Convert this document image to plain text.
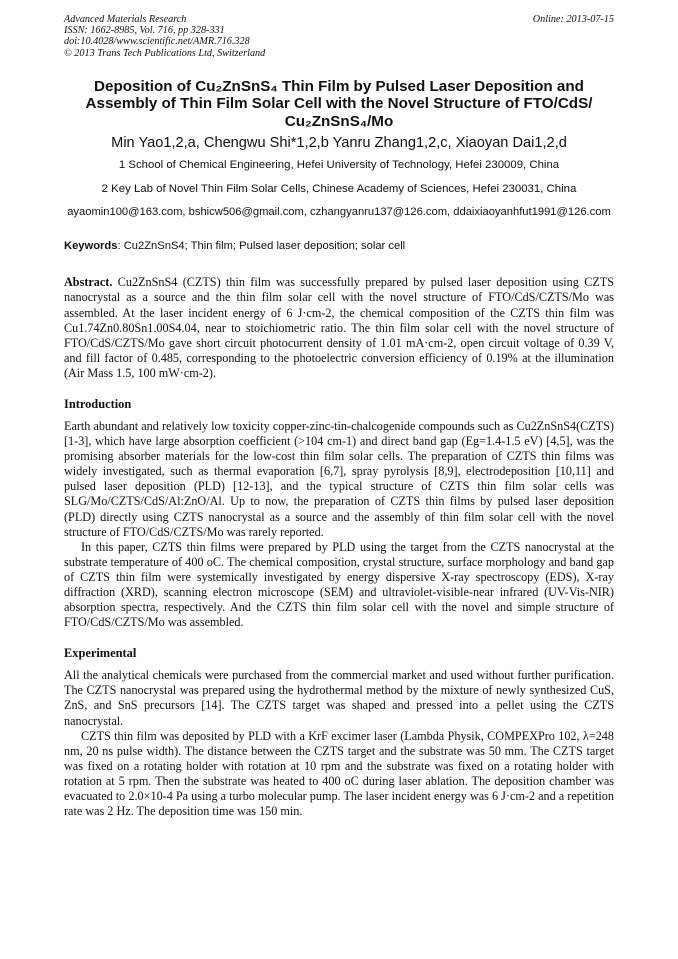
Advanced Materials Research	Online: 2013-07-15
ISSN: 1662-8985, Vol. 716, pp 328-331
doi:10.4028/www.scientific.net/AMR.716.328
© 2013 Trans Tech Publications Ltd, Switzerland
Deposition of Cu₂ZnSnS₄ Thin Film by Pulsed Laser Deposition and Assembly of Thin Film Solar Cell with the Novel Structure of FTO/CdS/ Cu₂ZnSnS₄/Mo
Min Yao1,2,a, Chengwu Shi*1,2,b Yanru Zhang1,2,c, Xiaoyan Dai1,2,d
1 School of Chemical Engineering, Hefei University of Technology, Hefei 230009, China
2 Key Lab of Novel Thin Film Solar Cells, Chinese Academy of Sciences, Hefei 230031, China
ayaomin100@163.com, bshicw506@gmail.com, czhangyanru137@126.com, ddaixiaoyanhfut1991@126.com
Keywords: Cu2ZnSnS4; Thin film; Pulsed laser deposition; solar cell
Abstract. Cu2ZnSnS4 (CZTS) thin film was successfully prepared by pulsed laser deposition using CZTS nanocrystal as a source and the thin film solar cell with the novel structure of FTO/CdS/CZTS/Mo was assembled. At the laser incident energy of 6 J·cm-2, the chemical composition of the CZTS thin film was Cu1.74Zn0.80Sn1.00S4.04, near to stoichiometric ratio. The thin film solar cell with the novel structure of FTO/CdS/CZTS/Mo gave short circuit photocurrent density of 1.01 mA·cm-2, open circuit voltage of 0.39 V, and fill factor of 0.485, corresponding to the photoelectric conversion efficiency of 0.19% at the illumination (Air Mass 1.5, 100 mW·cm-2).
Introduction

Earth abundant and relatively low toxicity copper-zinc-tin-chalcogenide compounds such as Cu2ZnSnS4(CZTS) [1-3], which have large absorption coefficient (>104 cm-1) and direct band gap (Eg=1.4-1.5 eV) [4,5], was the promising absorber materials for the low-cost thin film solar cells. The preparation of CZTS thin films was widely investigated, such as thermal evaporation [6,7], spray pyrolysis [8,9], electrodeposition [10,11] and pulsed laser deposition (PLD) [12-13], and the typical structure of CZTS thin film solar cells was SLG/Mo/CZTS/CdS/Al:ZnO/Al. Up to now, the preparation of CZTS thin films by pulsed laser deposition (PLD) directly using CZTS nanocrystal as a source and the assembly of thin film solar cell with the novel structure of FTO/CdS/CZTS/Mo was rarely reported.

In this paper, CZTS thin films were prepared by PLD using the target from the CZTS nanocrystal at the substrate temperature of 400 oC. The chemical composition, crystal structure, surface morphology and band gap of CZTS thin film were systemically investigated by energy dispersive X-ray spectroscopy (EDS), X-ray diffraction (XRD), scanning electron microscope (SEM) and ultraviolet-visible-near infrared (UV-Vis-NIR) absorption spectra, respectively. And the CZTS thin film solar cell with the novel and simple structure of FTO/CdS/CZTS/Mo was assembled.

Experimental

All the analytical chemicals were purchased from the commercial market and used without further purification. The CZTS nanocrystal was prepared using the hydrothermal method by the mixture of newly synthesized CuS, ZnS, and SnS precursors [14]. The CZTS target was shaped and pressed into a pellet using the CZTS nanocrystal.

CZTS thin film was deposited by PLD with a KrF excimer laser (Lambda Physik, COMPEXPro 102, λ=248 nm, 20 ns pulse width). The distance between the CZTS target and the substrate was 50 mm. The CZTS target was fixed on a rotating holder with rotation at 10 rpm and the substrate was fixed on a rotating holder with rotation at 5 rpm. Then the substrate was heated to 400 oC during laser ablation. The deposition chamber was evacuated to 2.0×10-4 Pa using a turbo molecular pump. The laser incident energy was 6 J·cm-2 and a repetition rate was 2 Hz. The deposition time was 150 min.
